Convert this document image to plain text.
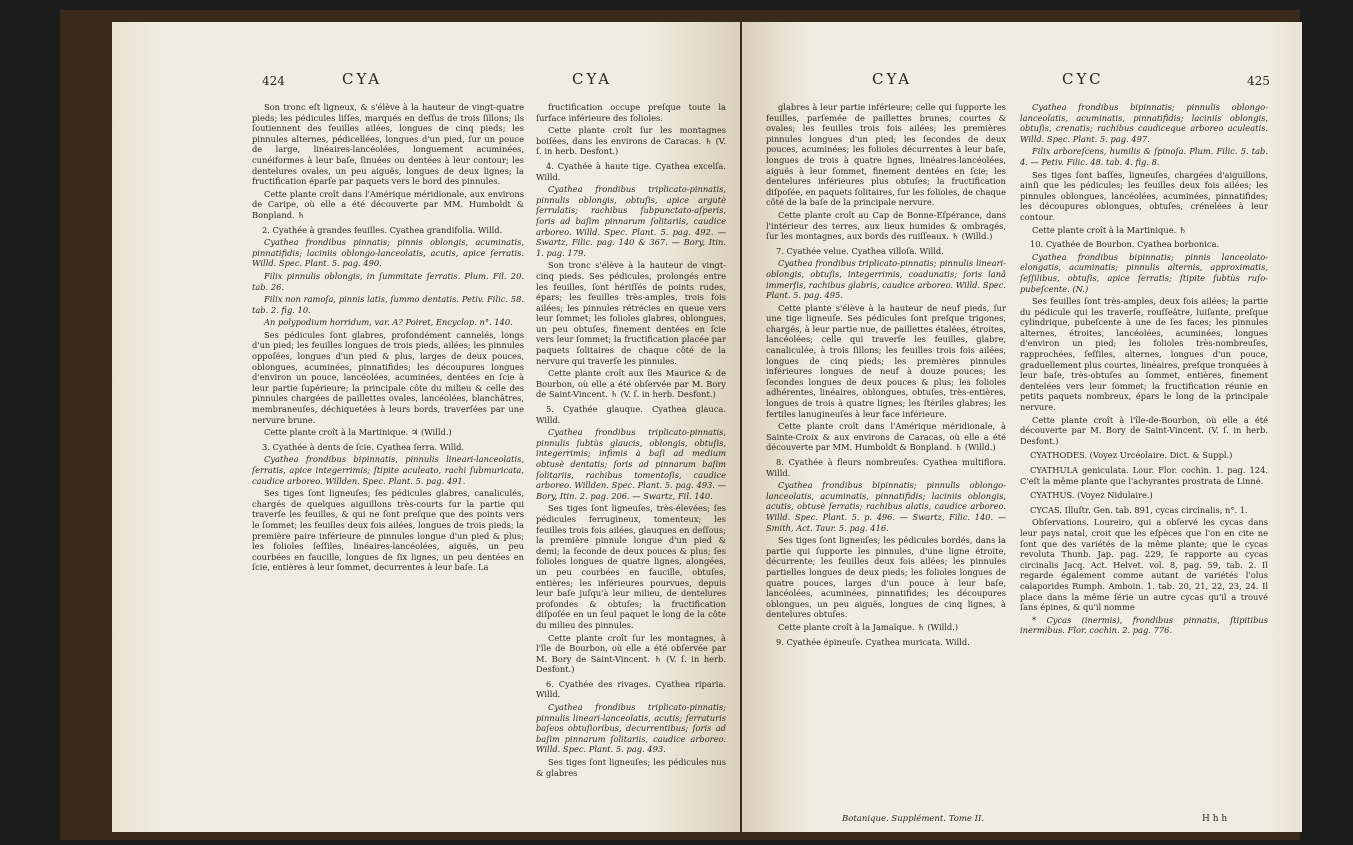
424	CYA	CYA

Son tronc eſt ligneux, & s'élève à la hauteur de vingt-quatre pieds; les pédicules liſſes, marqués en deſſus de trois ſillons; ils ſoutiennent des feuilles ailées, longues de cinq pieds; les pinnules alternes, pédicellées, longues d'un pied, ſur un pouce de large, linéaires-lancéolées, longuement acuminées, cunéiformes à leur baſe, ſinuées ou dentées à leur contour; les dentelures ovales, un peu aiguës, longues de deux lignes; la fructification éparſe par paquets vers le bord des pinnules.

Cette plante croît dans l'Amérique méridionale, aux environs de Caripe, où elle a été découverte par MM. Humboldt & Bonpland. ♄

2. Cyathée à grandes feuilles. Cyathea grandifolia. Willd.

Cyathea frondibus pinnatis; pinnis oblongis, acuminatis, pinnatifidis; laciniis oblongo-lanceolatis, acutis, apice ſerratis. Willd. Spec. Plant. 5. pag. 490.

Filix pinnulis oblongis, in ſummitate ſerratis. Plum. Fil. 20. tab. 26.

Filix non ramoſa, pinnis latis, ſummo dentatis. Petiv. Filic. 58. tab. 2. fig. 10.

An polypodium horridum, var. A? Poiret, Encyclop. n°. 140.

Ses pédicules ſont glabres, profondément cannelés, longs d'un pied; les feuilles longues de trois pieds, ailées; les pinnules oppoſées, longues d'un pied & plus, larges de deux pouces, oblongues, acuminées, pinnatifides; les découpures longues d'environ un pouce, lancéolées, acuminées, dentées en ſcie à leur partie ſupérieure; la principale côte du milieu & celle des pinnules chargées de paillettes ovales, lancéolées, blanchâtres, membraneuſes, déchiquetées à leurs bords, traverſées par une nervure brune.

Cette plante croît à la Martinique. ♃ (Willd.)

3. Cyathée à dents de ſcie. Cyathea ſerra. Willd.

Cyathea frondibus bipinnatis, pinnulis lineari-lanceolatis, ſerratis, apice integerrimis; ſtipite aculeato, rachi ſubmuricata, caudice arboreo. Willden. Spec. Plant. 5. pag. 491.

Ses tiges ſont ligneuſes; ſes pédicules glabres, canaliculés, chargés de quelques aiguillons très-courts ſur la partie qui traverſe les feuilles, & qui ne ſont preſque que des points vers le ſommet; les feuilles deux fois ailées, longues de trois pieds; la première paire inférieure de pinnules longue d'un pied & plus; les folioles ſeſſiles, linéaires-lancéolées, aiguës, un peu courbées en faucille, longues de ſix lignes, un peu dentées en ſcie, entières à leur ſommet, decurrentes à leur baſe. La

fructification occupe preſque toute la ſurface inférieure des folioles.

Cette plante croît ſur les montagnes boiſées, dans les environs de Caracas. ♄ (V. ſ. in herb. Desfont.)

4. Cyathée à haute tige. Cyathea excelſa. Willd.

Cyathea frondibus triplicato-pinnatis, pinnulis oblongis, obtuſis, apice argutè ſerrulatis; rachibus ſubpunctato-aſperis, ſoris ad baſim pinnarum ſolitariis, caudice arboreo. Willd. Spec. Plant. 5. pag. 492. — Swartz, Filic. pag. 140 & 367. — Bory, Itin. 1. pag. 179.

Son tronc s'élève à la hauteur de vingt-cinq pieds. Ses pédicules, prolongés entre les feuilles, ſont hériſſés de points rudes, épars; les feuilles très-amples, trois fois ailées; les pinnules rétrécies en queue vers leur ſommet; les folioles glabres, oblongues, un peu obtuſes, finement dentées en ſcie vers leur ſommet; la fructification placée par paquets ſolitaires de chaque côté de la nervure qui traverſe les pinnules.

Cette plante croît aux îles Maurice & de Bourbon, où elle a été obſervée par M. Bory de Saint-Vincent. ♄ (V. ſ. in herb. Desfont.)

5. Cyathée glauque. Cyathea glauca. Willd.

Cyathea frondibus triplicato-pinnatis, pinnulis ſubtùs glaucis, oblongis, obtuſis, integerrimis; infimis à baſi ad medium obtusè dentatis; ſoris ad pinnarum baſim ſolitariis, rachibus tomentoſis, caudice arboreo. Willden. Spec. Plant. 5. pag. 493. — Bory, Itin. 2. pag. 206. — Swartz, Fil. 140.

Ses tiges ſont ligneuſes, très-élevées; ſes pédicules ferrugineux, tomenteux; les feuilles trois fois ailées, glauques en deſſous; la première pinnule longue d'un pied & demi; la ſeconde de deux pouces & plus; ſes folioles longues de quatre lignes, alongées, un peu courbées en faucille, obtuſes, entières; les inférieures pourvues, depuis leur baſe juſqu'à leur milieu, de dentelures profondes & obtuſes; la fructification diſpoſée en un ſeul paquet le long de la côte du milieu des pinnules.

Cette plante croît ſur les montagnes, à l'île de Bourbon, où elle a été obſervée par M. Bory de Saint-Vincent. ♄ (V. ſ. in herb. Desfont.)

6. Cyathée des rivages. Cyathea riparia. Willd.

Cyathea frondibus triplicato-pinnatis; pinnulis lineari-lanceolatis, acutis; ſerraturis baſeos obtuſioribus, decurrentibus; ſoris ad baſim pinnarum ſolitariis, caudice arboreo. Willd. Spec. Plant. 5. pag. 493.

Ses tiges ſont ligneuſes; les pédicules nus & glabres

CYA	CYC	425

glabres à leur partie inférieure; celle qui ſupporte les feuilles, parſemée de paillettes brunes, courtes & ovales; les feuilles trois fois ailées; les premières pinnules longues d'un pied; les ſecondes de deux pouces, acuminées; les folioles décurrentes à leur baſe, longues de trois à quatre lignes, linéaires-lancéolées, aiguës à leur ſommet, finement dentées en ſcie; les dentelures inférieures plus obtuſes; la fructification diſpoſée, en paquets ſolitaires, ſur les folioles, de chaque côté de la baſe de la principale nervure.

Cette plante croît au Cap de Bonne-Eſpérance, dans l'intérieur des terres, aux lieux humides & ombragés, ſur les montagnes, aux bords des ruiſſeaux. ♄ (Willd.)

7. Cyathée velue. Cyathea villoſa. Willd.

Cyathea frondibus triplicato-pinnatis; pinnulis lineari-oblongis, obtuſis, integerrimis, coadunatis; ſoris lanâ immerſis, rachibus glabris, caudice arboreo. Willd. Spec. Plant. 5. pag. 495.

Cette plante s'élève à la hauteur de neuf pieds, ſur une tige ligneuſe. Ses pédicules ſont preſque trigones, chargés, à leur partie nue, de paillettes étalées, étroites, lancéolées; celle qui traverſe les feuilles, glabre, canaliculée, à trois ſillons; les feuilles trois fois ailées, longues de cinq pieds; les premières pinnules inférieures longues de neuf à douze pouces; les ſecondes longues de deux pouces & plus; les folioles adhérentes, linéaires, oblongues, obtuſes, très-entières, longues de trois à quatre lignes; les ſtériles glabres; les fertiles lanugineuſes à leur face inférieure.

Cette plante croît dans l'Amérique méridionale, à Sainte-Croix & aux environs de Caracas, où elle a été découverte par MM. Humboldt & Bonpland. ♄ (Willd.)

8. Cyathée à fleurs nombreuſes. Cyathea multiflora. Willd.

Cyathea frondibus bipinnatis; pinnulis oblongo-lanceolatis, acuminatis, pinnatifidis; laciniis oblongis, acutis, obtusè ſerratis; rachibus alatis, caudice arboreo. Willd. Spec. Plant. 5. p. 496. — Swartz, Filic. 140. — Smith, Act. Taur. 5. pag. 416.

Ses tiges ſont ligneuſes; les pédicules bordés, dans la partie qui ſupporte les pinnules, d'une ligne étroite, décurrente; les feuilles deux fois ailées; les pinnules partielles longues de deux pieds; les folioles longues de quatre pouces, larges d'un pouce à leur baſe, lancéolées, acuminées, pinnatifides; les découpures oblongues, un peu aiguës, longues de cinq lignes, à dentelures obtuſes.

Cette plante croît à la Jamaïque. ♄ (Willd.)

9. Cyathée épineuſe. Cyathea muricata. Willd.

Cyathea frondibus bipinnatis; pinnulis oblongo-lanceolatis, acuminatis, pinnatifidis; laciniis oblongis, obtuſis, crenatis; rachibus caudiceque arboreo aculeatis. Willd. Spec. Plant. 5. pag. 497.

Filix arboreſcens, humilis & ſpinoſa. Plum. Filic. 5. tab. 4. — Petiv. Filic. 48. tab. 4. fig. 8.

Ses tiges ſont baſſes, ligneuſes, chargées d'aiguillons, ainſi que les pédicules; les feuilles deux fois ailées; les pinnules oblongues, lancéolées, acuminées, pinnatifides; les découpures oblongues, obtuſes, crénelées à leur contour.

Cette plante croît à la Martinique. ♄

10. Cyathée de Bourbon. Cyathea borbonica.

Cyathea frondibus bipinnatis; pinnis lanceolato-elongatis, acuminatis; pinnulis alternis, approximatis, ſeſſilibus, obtuſis, apice ſerratis; ſtipite ſubtùs ruſo-pubeſcente. (N.)

Ses feuilles ſont très-amples, deux fois ailées; la partie du pédicule qui les traverſe, rouſſeâtre, luiſante, preſque cylindrique, pubeſcente à une de ſes faces; les pinnules alternes, étroites, lancéolées, acuminées, longues d'environ un pied; les folioles très-nombreuſes, rapprochées, ſeſſiles, alternes, longues d'un pouce, graduellement plus courtes, linéaires, preſque tronquées à leur baſe, très-obtuſes au ſommet, entières, finement dentelées vers leur ſommet; la fructification réunie en petits paquets nombreux, épars le long de la principale nervure.

Cette plante croît à l'île-de-Bourbon, où elle a été découverte par M. Bory de Saint-Vincent. (V. ſ. in herb. Desfont.)

CYATHODES. (Voyez Urcéolaire. Dict. & Suppl.)

CYATHULA geniculata. Lour. Flor. cochin. 1. pag. 124. C'eſt la même plante que l'achyrantes prostrata de Linné.

CYATHUS. (Voyez Nidulaire.)

CYCAS. Illuſtr. Gen. tab. 891, cycas circinalis, n°. 1.

Obſervations. Loureiro, qui a obſervé les cycas dans leur pays natal, croit que les eſpèces que l'on en cite ne ſont que des variétés de la même plante; que le cycas revoluta Thunb. Jap. pag. 229, ſe rapporte au cycas circinalis Jacq. Act. Helvet. vol. 8, pag. 59, tab. 2. Il regarde également comme autant de variétés l'olus calaporides Rumph. Amboin. 1. tab. 20, 21, 22, 23, 24. Il place dans la même ſérie un autre cycas qu'il a trouvé ſans épines, & qu'il nomme

* Cycas (inermis), frondibus pinnatis, ſtipitibus inermibus. Flor. cochin. 2. pag. 776.

Botanique. Supplément. Tome II.	H h h
